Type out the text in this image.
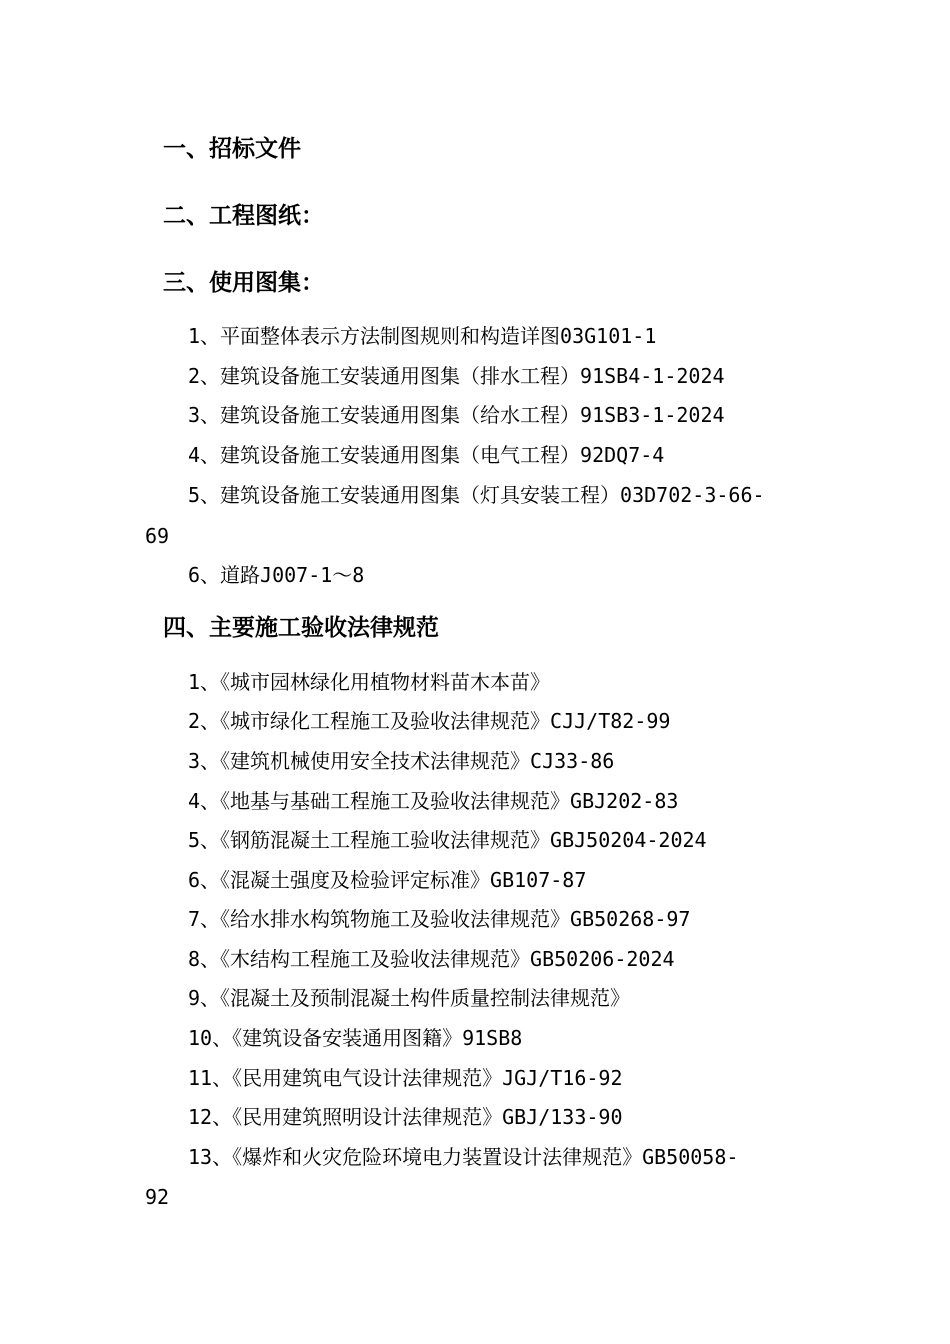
一、招标文件
二、工程图纸：
三、使用图集：
1、平面整体表示方法制图规则和构造详图03G101-1
2、建筑设备施工安装通用图集（排水工程）91SB4-1-2024
3、建筑设备施工安装通用图集（给水工程）91SB3-1-2024
4、建筑设备施工安装通用图集（电气工程）92DQ7-4
5、建筑设备施工安装通用图集（灯具安装工程）03D702-3-66-
69
6、道路J007-1～8
四、主要施工验收法律规范
1、《城市园林绿化用植物材料苗木本苗》
2、《城市绿化工程施工及验收法律规范》CJJ/T82-99
3、《建筑机械使用安全技术法律规范》CJ33-86
4、《地基与基础工程施工及验收法律规范》GBJ202-83
5、《钢筋混凝土工程施工验收法律规范》GBJ50204-2024
6、《混凝土强度及检验评定标准》GB107-87
7、《给水排水构筑物施工及验收法律规范》GB50268-97
8、《木结构工程施工及验收法律规范》GB50206-2024
9、《混凝土及预制混凝土构件质量控制法律规范》
10、《建筑设备安装通用图籍》91SB8
11、《民用建筑电气设计法律规范》JGJ/T16-92
12、《民用建筑照明设计法律规范》GBJ/133-90
13、《爆炸和火灾危险环境电力装置设计法律规范》GB50058-
92
